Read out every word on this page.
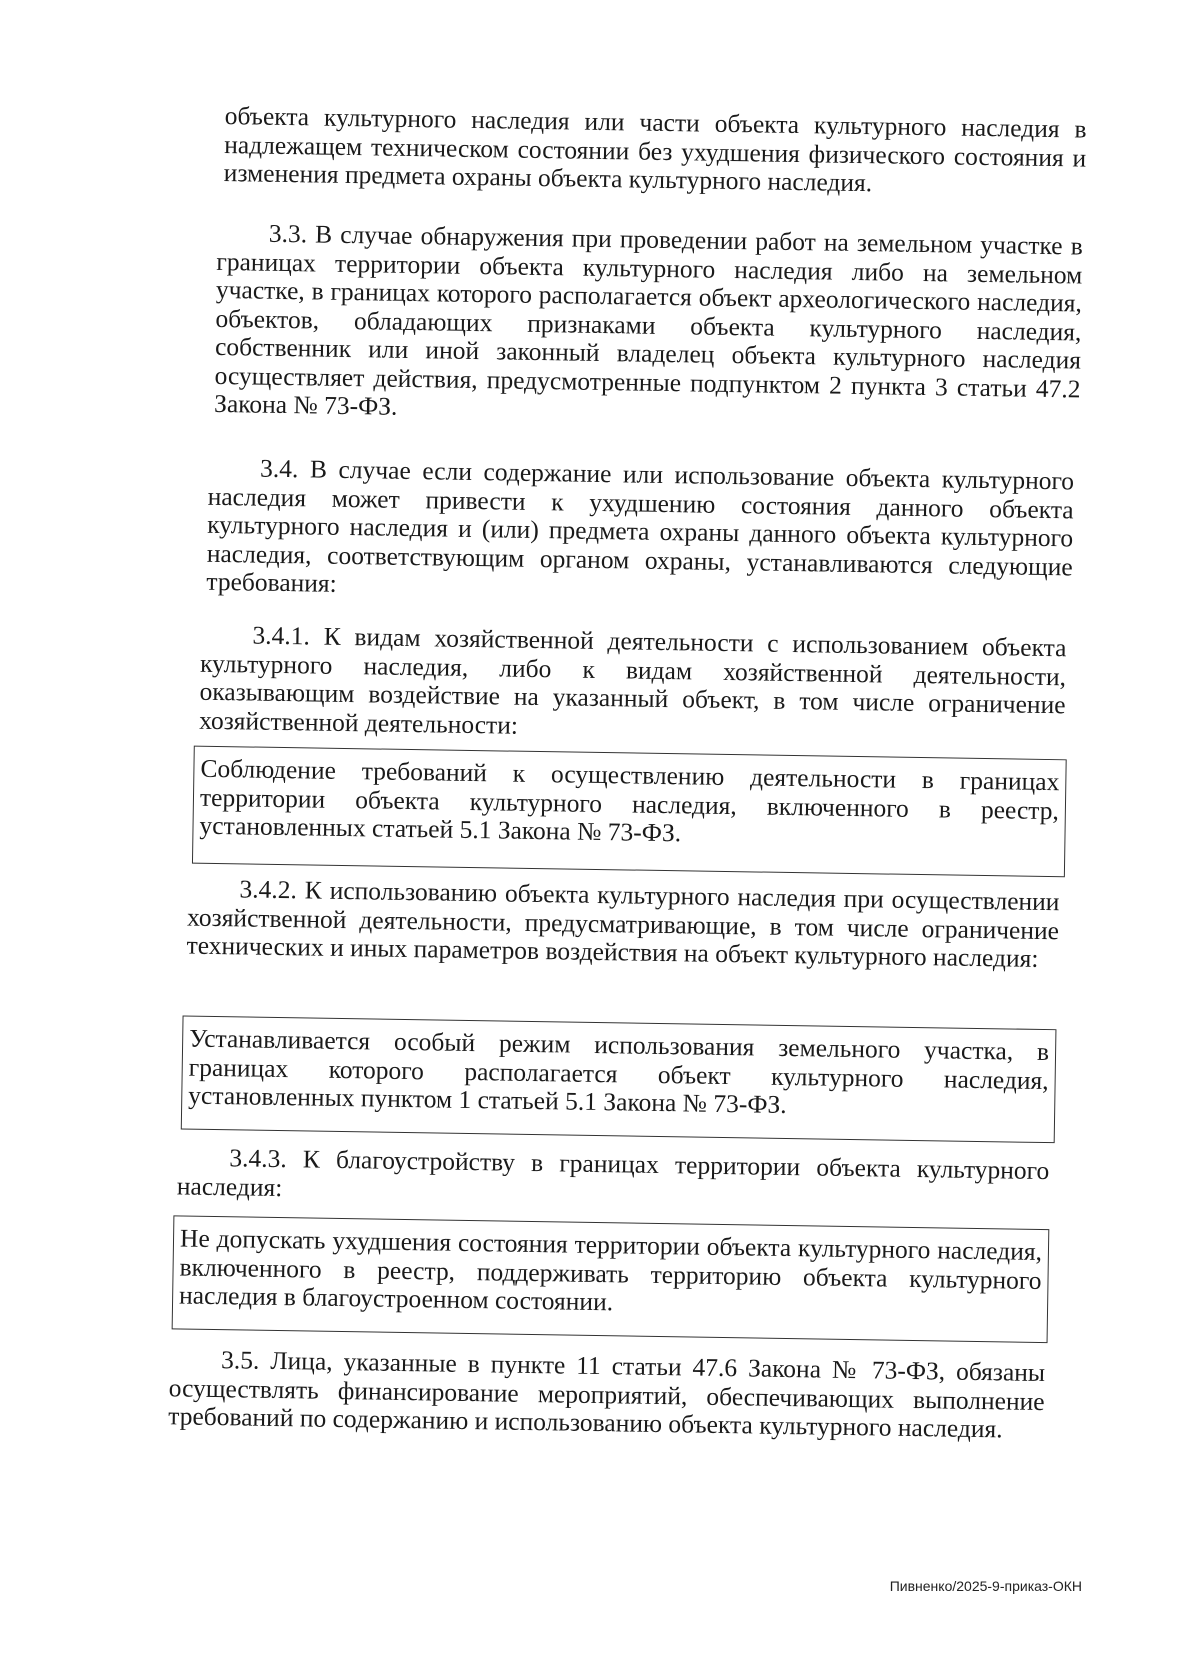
объекта культурного наследия или части объекта культурного наследия в надлежащем техническом состоянии без ухудшения физического состояния и изменения предмета охраны объекта культурного наследия.

3.3. В случае обнаружения при проведении работ на земельном участке в границах территории объекта культурного наследия либо на земельном участке, в границах которого располагается объект археологического наследия, объектов, обладающих признаками объекта культурного наследия, собственник или иной законный владелец объекта культурного наследия осуществляет действия, предусмотренные подпунктом 2 пункта 3 статьи 47.2 Закона № 73-ФЗ.

3.4. В случае если содержание или использование объекта культурного наследия может привести к ухудшению состояния данного объекта культурного наследия и (или) предмета охраны данного объекта культурного наследия, соответствующим органом охраны, устанавливаются следующие требования:

3.4.1. К видам хозяйственной деятельности с использованием объекта культурного наследия, либо к видам хозяйственной деятельности, оказывающим воздействие на указанный объект, в том числе ограничение хозяйственной деятельности:

Соблюдение требований к осуществлению деятельности в границах территории объекта культурного наследия, включенного в реестр, установленных статьей 5.1 Закона № 73-ФЗ.

3.4.2. К использованию объекта культурного наследия при осуществлении хозяйственной деятельности, предусматривающие, в том числе ограничение технических и иных параметров воздействия на объект культурного наследия:

Устанавливается особый режим использования земельного участка, в границах которого располагается объект культурного наследия, установленных пунктом 1 статьей 5.1 Закона № 73-ФЗ.

3.4.3. К благоустройству в границах территории объекта культурного наследия:

Не допускать ухудшения состояния территории объекта культурного наследия, включенного в реестр, поддерживать территорию объекта культурного наследия в благоустроенном состоянии.

3.5. Лица, указанные в пункте 11 статьи 47.6 Закона № 73-ФЗ, обязаны осуществлять финансирование мероприятий, обеспечивающих выполнение требований по содержанию и использованию объекта культурного наследия.

Пивненко/2025-9-приказ-ОКН
